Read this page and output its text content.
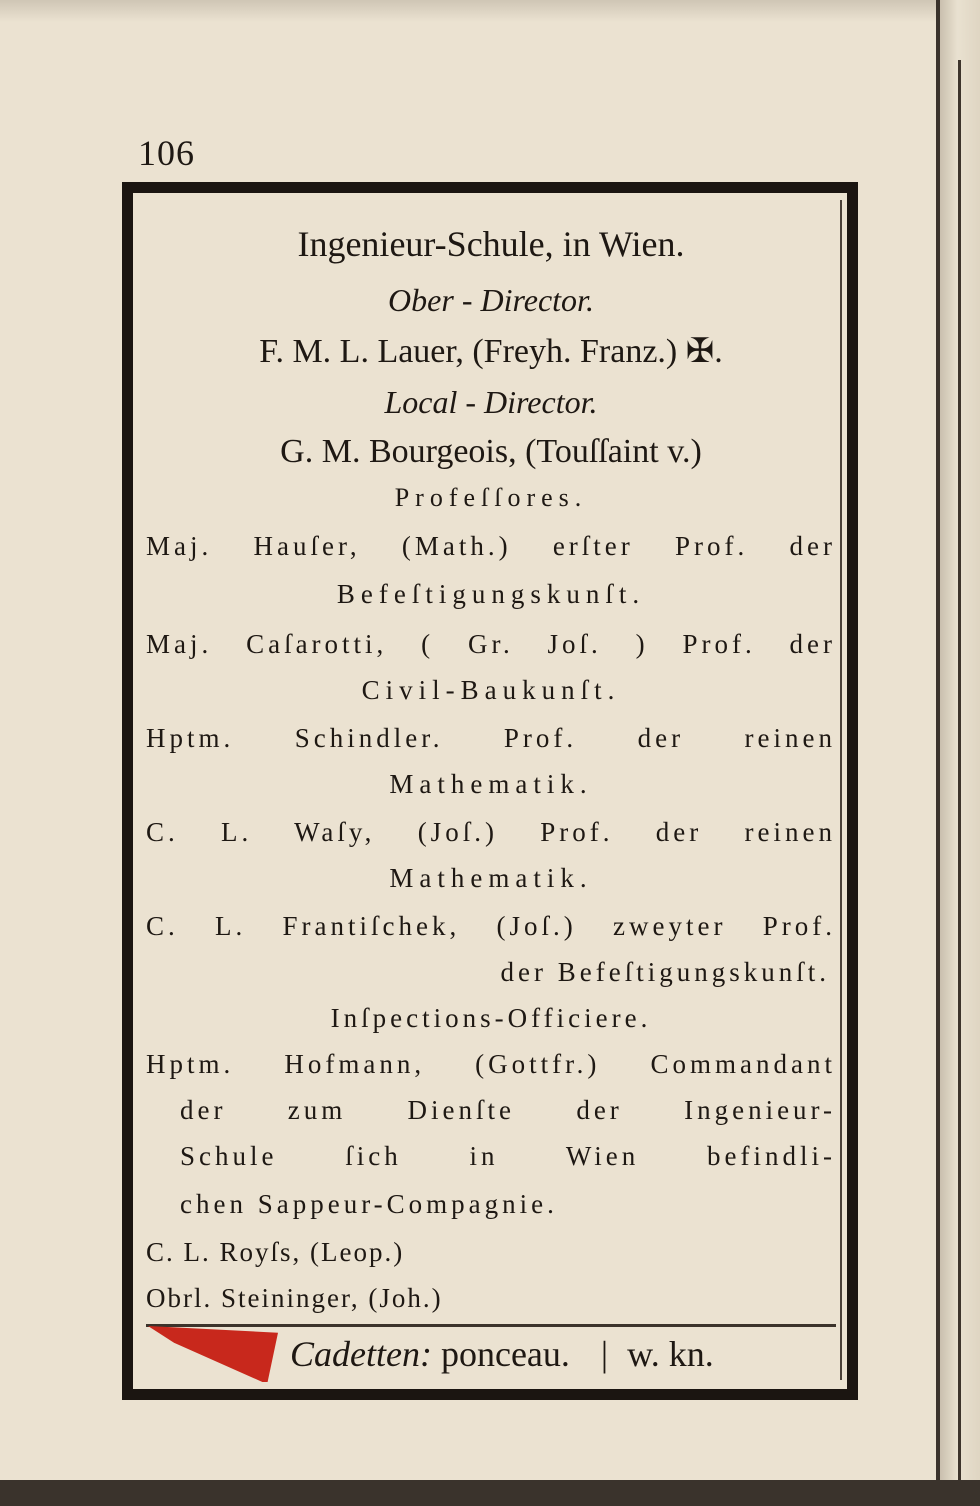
106

Ingenieur-Schule, in Wien.

Ober - Director.

F. M. L. Lauer, (Freyh. Franz.) ✠.

Local - Director.

G. M. Bourgeois, (Touſſaint v.)

Profeſſores.

Maj. Hauſer, (Math.) erſter Prof. der

Befeſtigungskunſt.

Maj. Caſarotti, ( Gr. Joſ. ) Prof. der

Civil-Baukunſt.

Hptm. Schindler. Prof. der reinen

Mathematik.

C. L. Waſy, (Joſ.) Prof. der reinen

Mathematik.

C. L. Frantiſchek, (Joſ.) zweyter Prof.

der Befeſtigungskunſt.

Inſpections-Officiere.

Hptm. Hofmann, (Gottfr.) Commandant

der zum Dienſte der Ingenieur-

Schule ſich in Wien befindli-

chen Sappeur-Compagnie.

C. L. Royſs, (Leop.)

Obrl. Steininger, (Joh.)

Cadetten: ponceau. | w. kn.
